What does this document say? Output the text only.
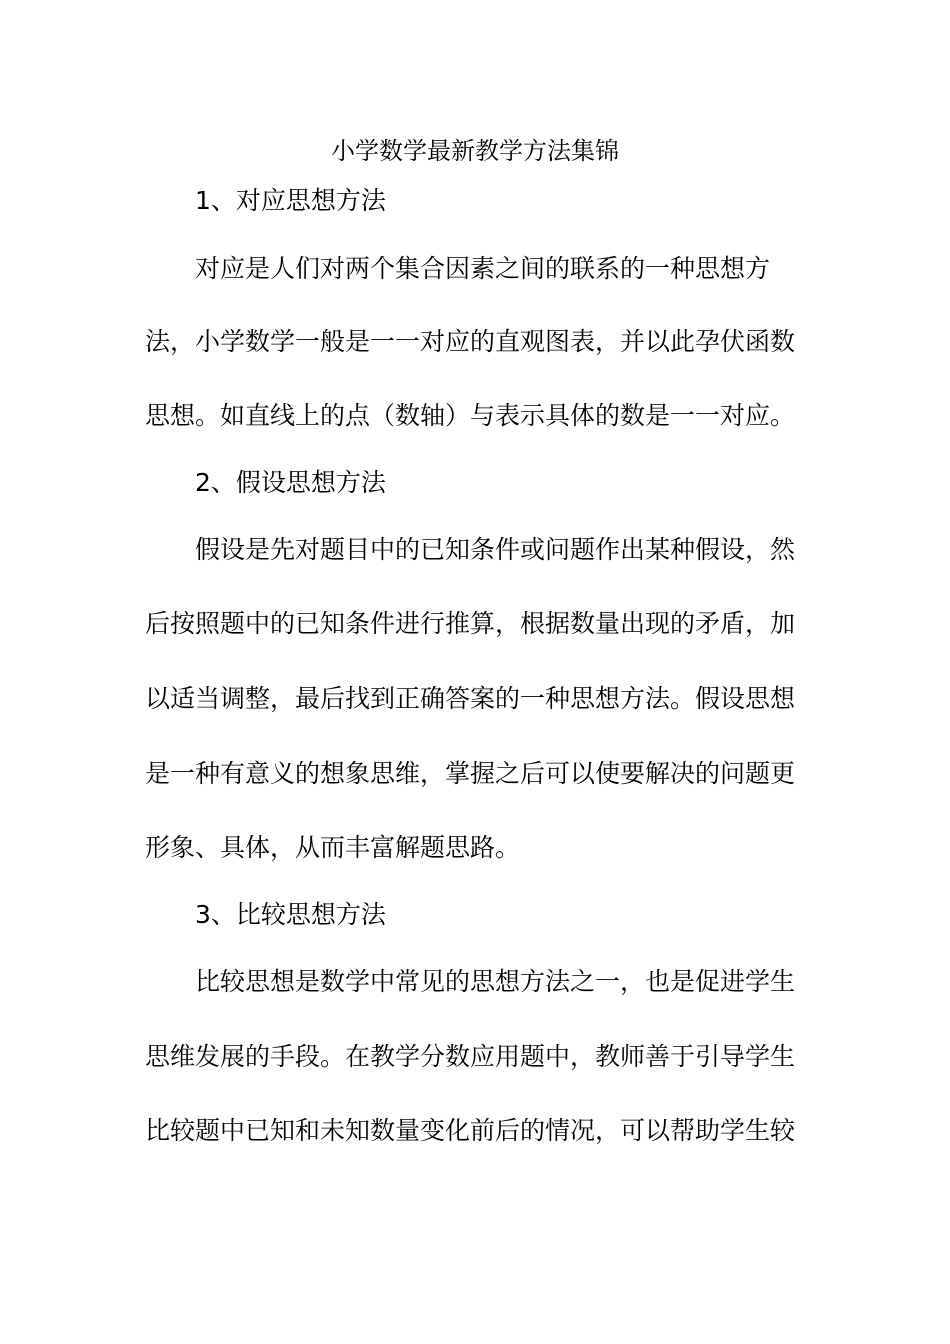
小学数学最新教学方法集锦
1、对应思想方法
对应是人们对两个集合因素之间的联系的一种思想方
法，小学数学一般是一一对应的直观图表，并以此孕伏函数
思想。如直线上的点（数轴）与表示具体的数是一一对应。
2、假设思想方法
假设是先对题目中的已知条件或问题作出某种假设，然
后按照题中的已知条件进行推算，根据数量出现的矛盾，加
以适当调整，最后找到正确答案的一种思想方法。假设思想
是一种有意义的想象思维，掌握之后可以使要解决的问题更
形象、具体，从而丰富解题思路。
3、比较思想方法
比较思想是数学中常见的思想方法之一，也是促进学生
思维发展的手段。在教学分数应用题中，教师善于引导学生
比较题中已知和未知数量变化前后的情况，可以帮助学生较
